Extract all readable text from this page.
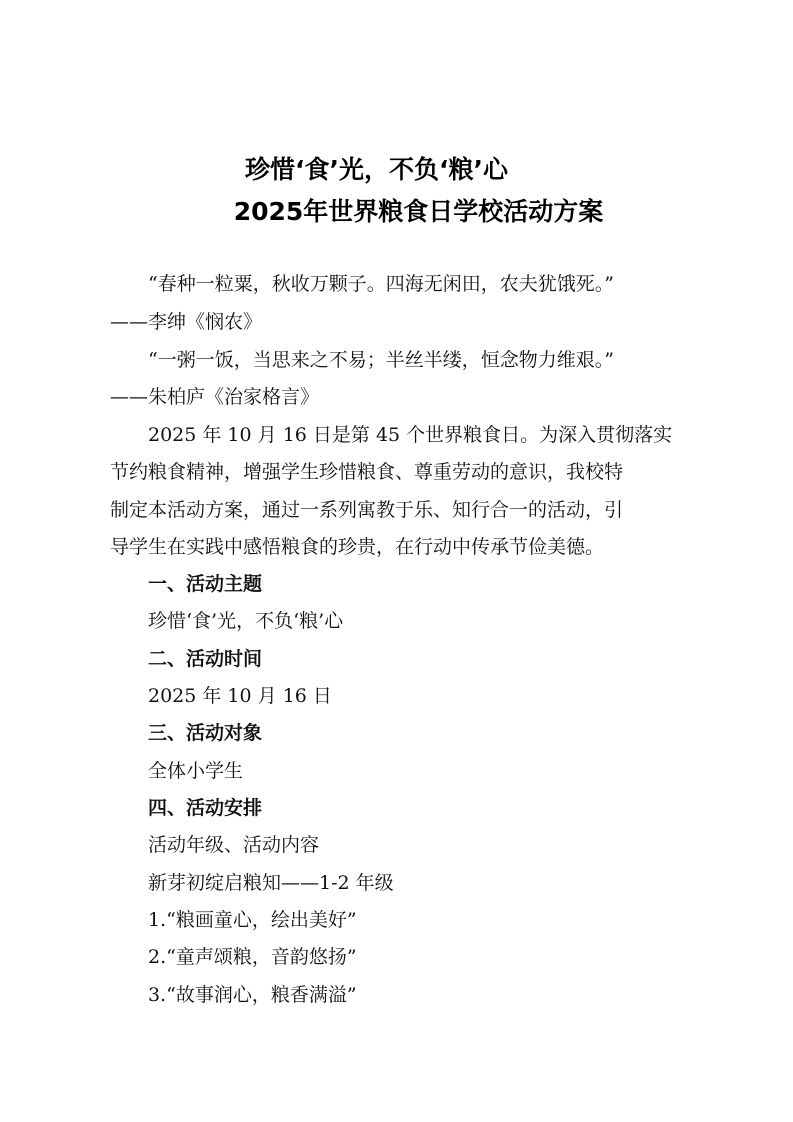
珍惜‘食’光，不负‘粮’心
2025年世界粮食日学校活动方案
“春种一粒粟，秋收万颗子。四海无闲田，农夫犹饿死。”
——李绅《悯农》
“一粥一饭，当思来之不易；半丝半缕，恒念物力维艰。”
——朱柏庐《治家格言》
2025 年 10 月 16 日是第 45 个世界粮食日。为深入贯彻落实
节约粮食精神，增强学生珍惜粮食、尊重劳动的意识，我校特
制定本活动方案，通过一系列寓教于乐、知行合一的活动，引
导学生在实践中感悟粮食的珍贵，在行动中传承节俭美德。
一、活动主题
珍惜‘食’光，不负‘粮’心
二、活动时间
2025 年 10 月 16 日
三、活动对象
全体小学生
四、活动安排
活动年级、活动内容
新芽初绽启粮知——1-2 年级
1.“粮画童心，绘出美好”
2.“童声颂粮，音韵悠扬”
3.“故事润心，粮香满溢”
